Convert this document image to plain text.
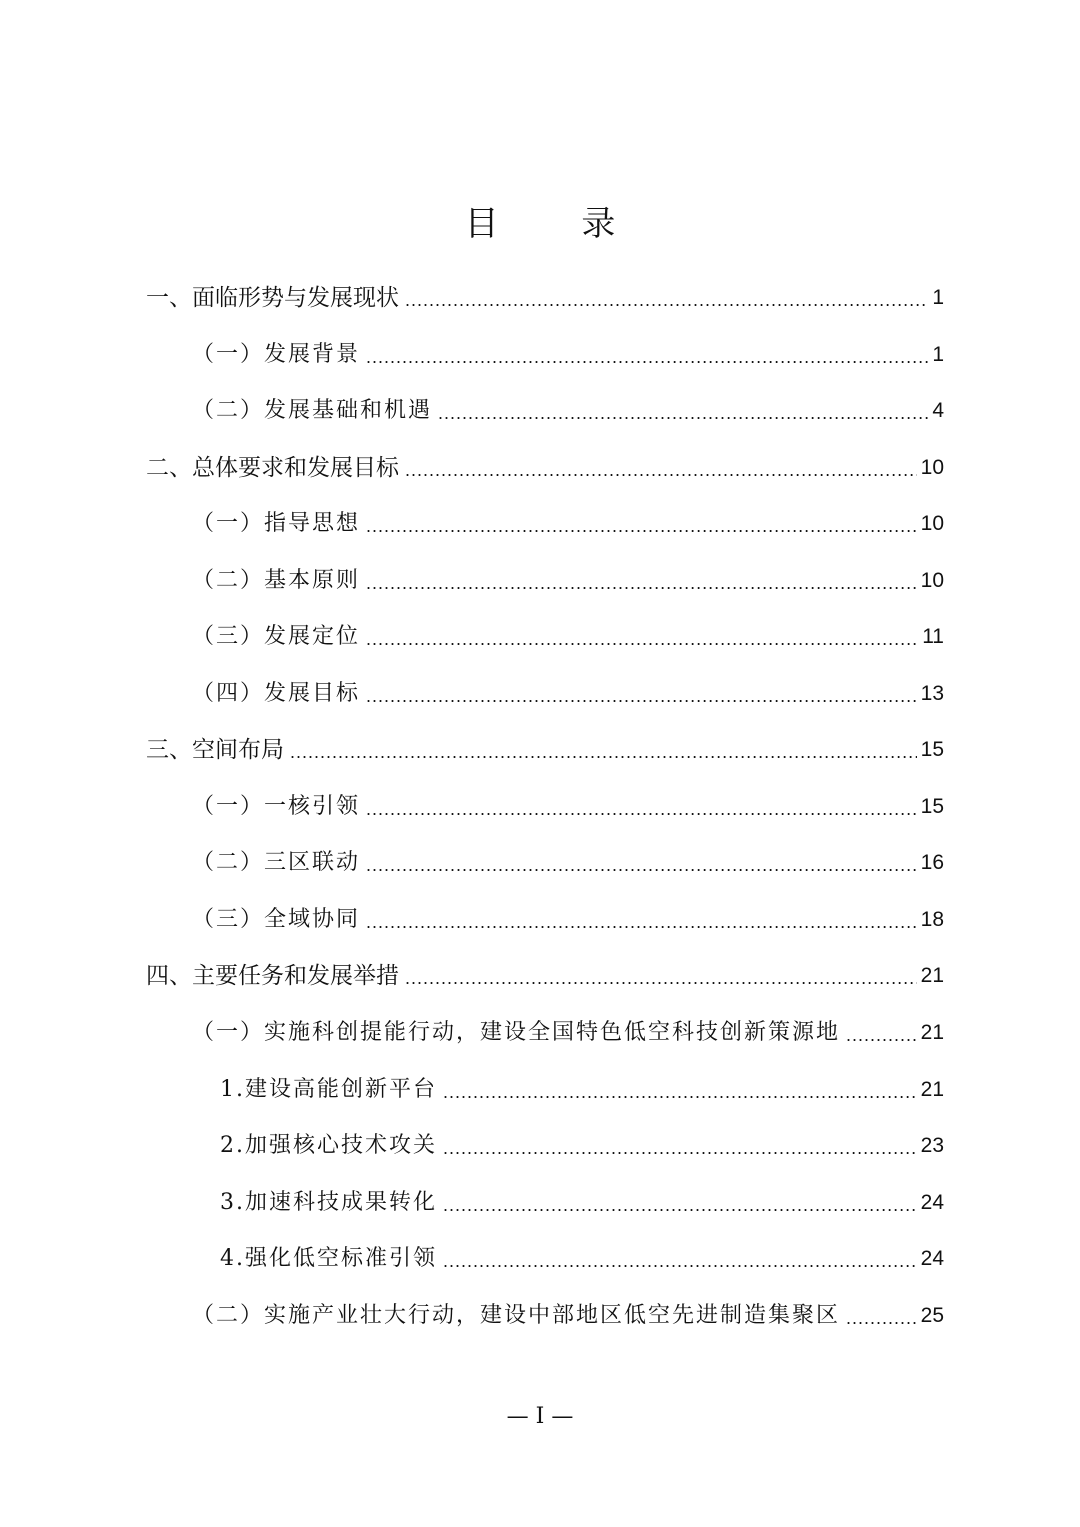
目 录
一、面临形势与发展现状 .....	1
（一）发展背景 .....	1
（二）发展基础和机遇 .....	4
二、总体要求和发展目标 .....	10
（一）指导思想 .....	10
（二）基本原则 .....	10
（三）发展定位 .....	11
（四）发展目标 .....	13
三、空间布局 .....	15
（一）一核引领 .....	15
（二）三区联动 .....	16
（三）全域协同 .....	18
四、主要任务和发展举措 .....	21
（一）实施科创提能行动，建设全国特色低空科技创新策源地 .....	21
1.建设高能创新平台 .....	21
2.加强核心技术攻关 .....	23
3.加速科技成果转化 .....	24
4.强化低空标准引领 .....	24
（二）实施产业壮大行动，建设中部地区低空先进制造集聚区 .....	25
— I —
